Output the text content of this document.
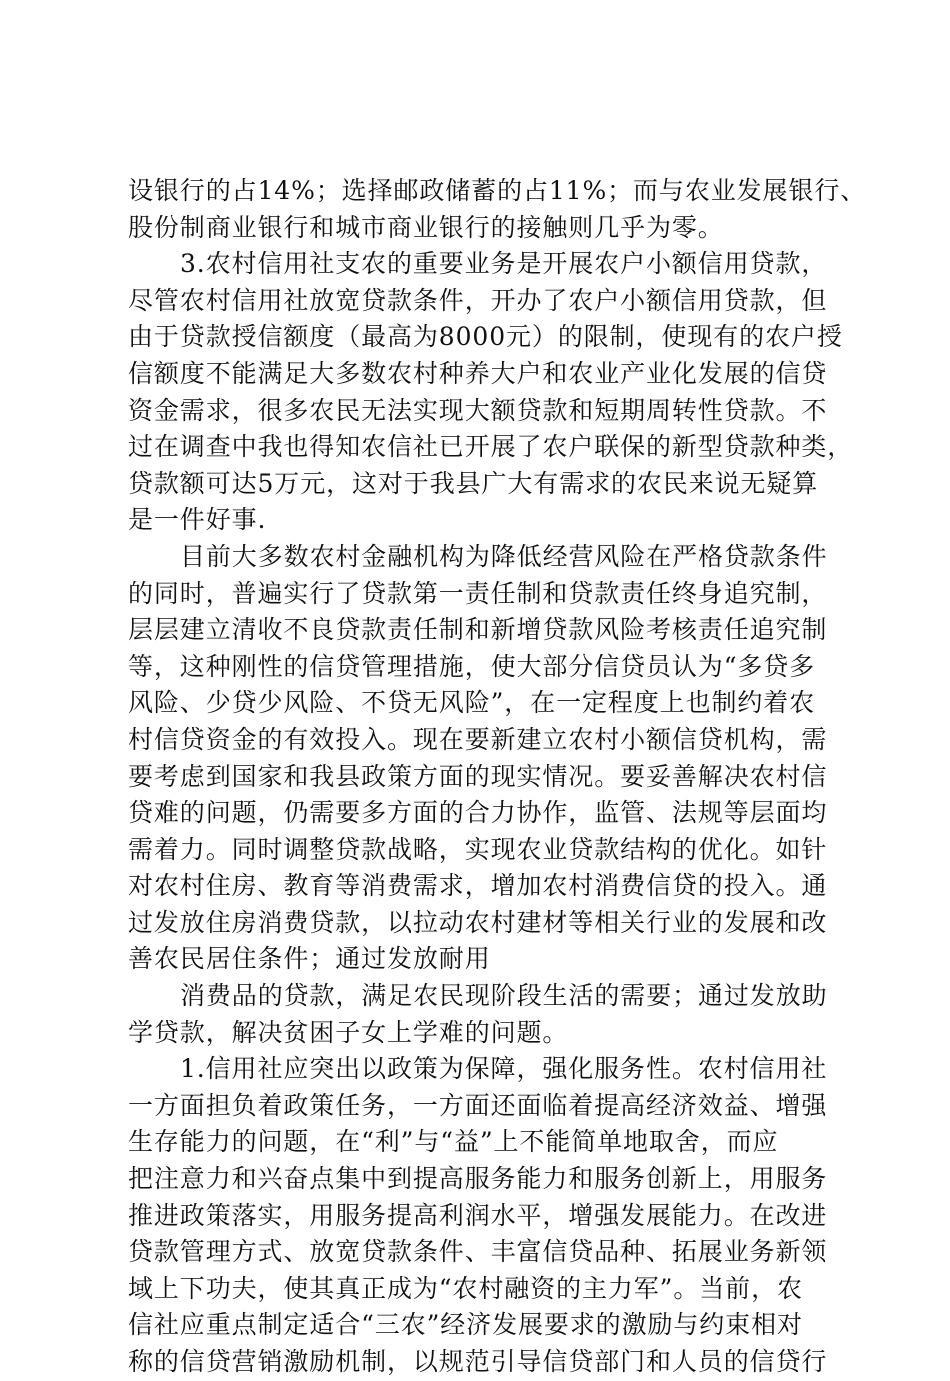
设银行的占14%；选择邮政储蓄的占11%；而与农业发展银行、
股份制商业银行和城市商业银行的接触则几乎为零。
3.农村信用社支农的重要业务是开展农户小额信用贷款，
尽管农村信用社放宽贷款条件，开办了农户小额信用贷款，但
由于贷款授信额度（最高为8000元）的限制，使现有的农户授
信额度不能满足大多数农村种养大户和农业产业化发展的信贷
资金需求，很多农民无法实现大额贷款和短期周转性贷款。不
过在调查中我也得知农信社已开展了农户联保的新型贷款种类，
贷款额可达5万元，这对于我县广大有需求的农民来说无疑算
是一件好事.
目前大多数农村金融机构为降低经营风险在严格贷款条件
的同时，普遍实行了贷款第一责任制和贷款责任终身追究制，
层层建立清收不良贷款责任制和新增贷款风险考核责任追究制
等，这种刚性的信贷管理措施，使大部分信贷员认为“多贷多
风险、少贷少风险、不贷无风险”，在一定程度上也制约着农
村信贷资金的有效投入。现在要新建立农村小额信贷机构，需
要考虑到国家和我县政策方面的现实情况。要妥善解决农村信
贷难的问题，仍需要多方面的合力协作，监管、法规等层面均
需着力。同时调整贷款战略，实现农业贷款结构的优化。如针
对农村住房、教育等消费需求，增加农村消费信贷的投入。通
过发放住房消费贷款，以拉动农村建材等相关行业的发展和改
善农民居住条件；通过发放耐用
消费品的贷款，满足农民现阶段生活的需要；通过发放助
学贷款，解决贫困子女上学难的问题。
1.信用社应突出以政策为保障，强化服务性。农村信用社
一方面担负着政策任务，一方面还面临着提高经济效益、增强
生存能力的问题，在“利”与“益”上不能简单地取舍，而应
把注意力和兴奋点集中到提高服务能力和服务创新上，用服务
推进政策落实，用服务提高利润水平，增强发展能力。在改进
贷款管理方式、放宽贷款条件、丰富信贷品种、拓展业务新领
域上下功夫，使其真正成为“农村融资的主力军”。当前，农
信社应重点制定适合“三农”经济发展要求的激励与约束相对
称的信贷营销激励机制，以规范引导信贷部门和人员的信贷行
